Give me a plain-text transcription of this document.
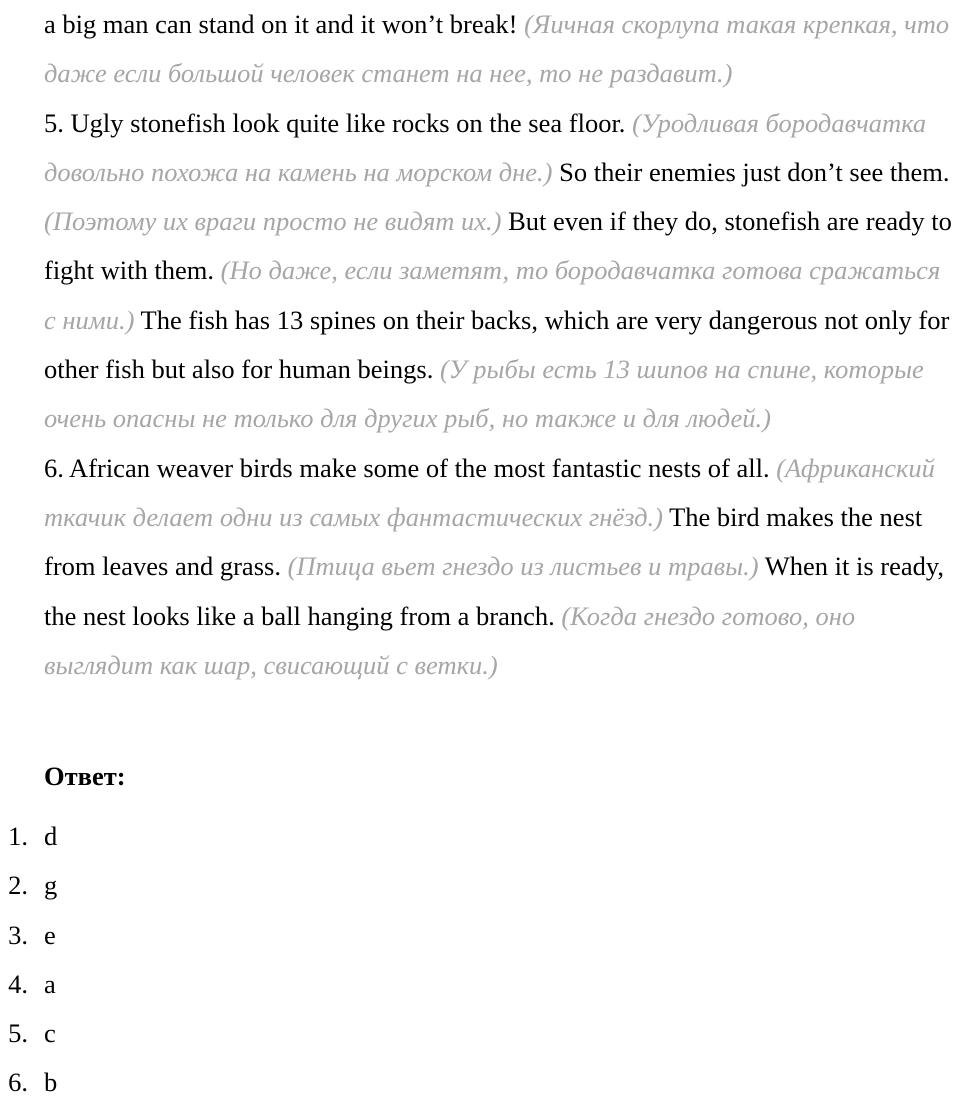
a big man can stand on it and it won’t break! (Яичная скорлупа такая крепкая, что даже если большой человек станет на нее, то не раздавит.)

5. Ugly stonefish look quite like rocks on the sea floor. (Уродливая бородавчатка довольно похожа на камень на морском дне.) So their enemies just don’t see them. (Поэтому их враги просто не видят их.) But even if they do, stonefish are ready to fight with them. (Но даже, если заметят, то бородавчатка готова сражаться с ними.) The fish has 13 spines on their backs, which are very dangerous not only for other fish but also for human beings. (У рыбы есть 13 шипов на спине, которые очень опасны не только для других рыб, но также и для людей.)

6. African weaver birds make some of the most fantastic nests of all. (Африканский ткачик делает одни из самых фантастических гнёзд.) The bird makes the nest from leaves and grass. (Птица вьет гнездо из листьев и травы.) When it is ready, the nest looks like a ball hanging from a branch. (Когда гнездо готово, оно выглядит как шар, свисающий с ветки.)

Ответ:
1. d
2. g
3. e
4. a
5. c
6. b
